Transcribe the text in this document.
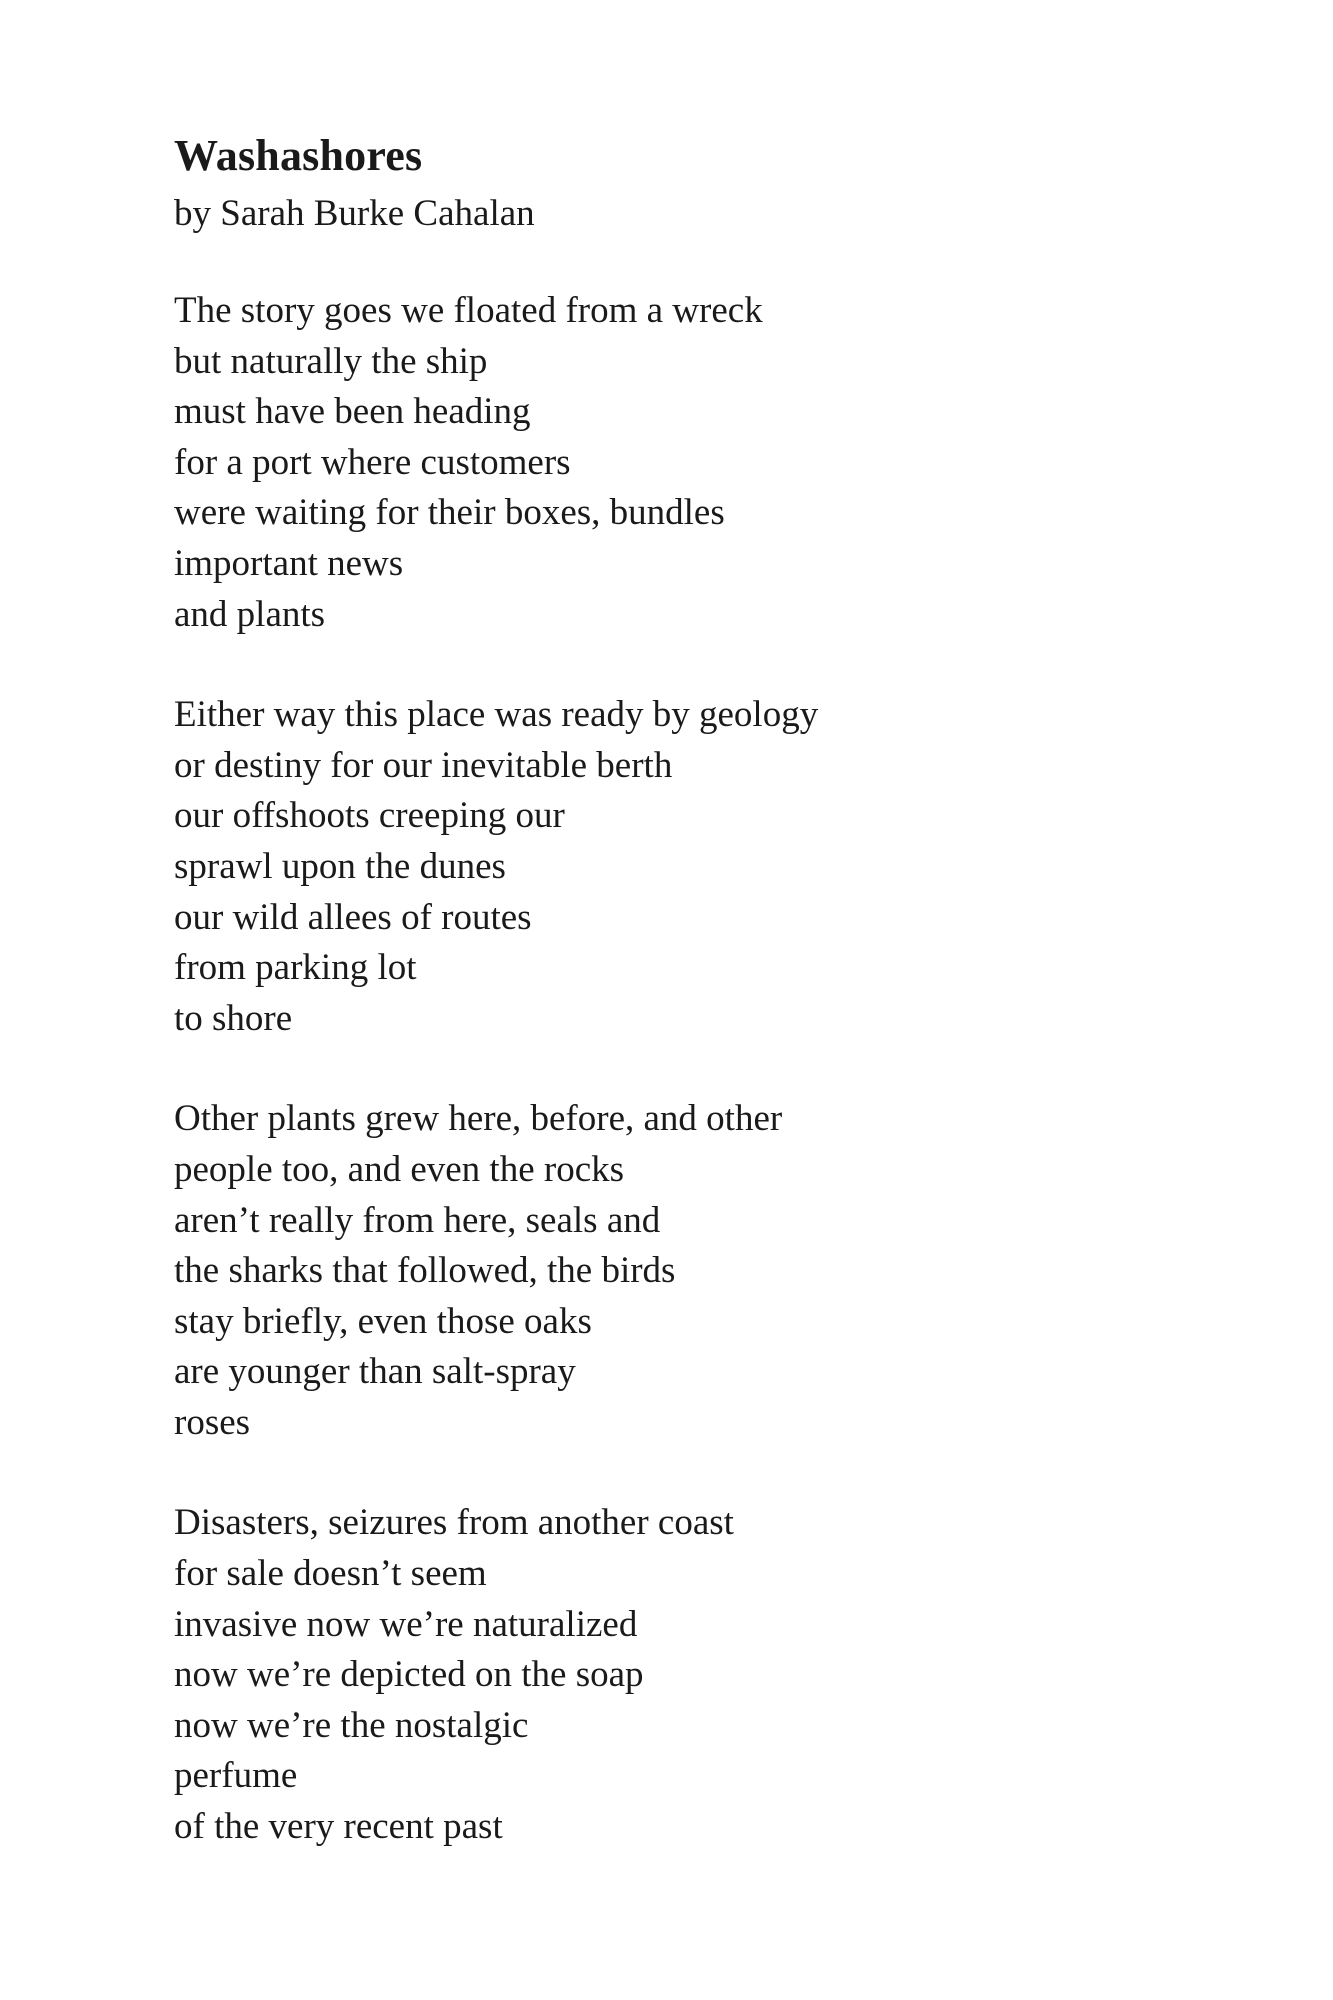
Washashores
by Sarah Burke Cahalan
The story goes we floated from a wreck
but naturally the ship
must have been heading
for a port where customers
were waiting for their boxes, bundles
important news
and plants
Either way this place was ready by geology
or destiny for our inevitable berth
our offshoots creeping our
sprawl upon the dunes
our wild allees of routes
from parking lot
to shore
Other plants grew here, before, and other
people too, and even the rocks
aren’t really from here, seals and
the sharks that followed, the birds
stay briefly, even those oaks
are younger than salt-spray
roses
Disasters, seizures from another coast
for sale doesn’t seem
invasive now we’re naturalized
now we’re depicted on the soap
now we’re the nostalgic
perfume
of the very recent past
